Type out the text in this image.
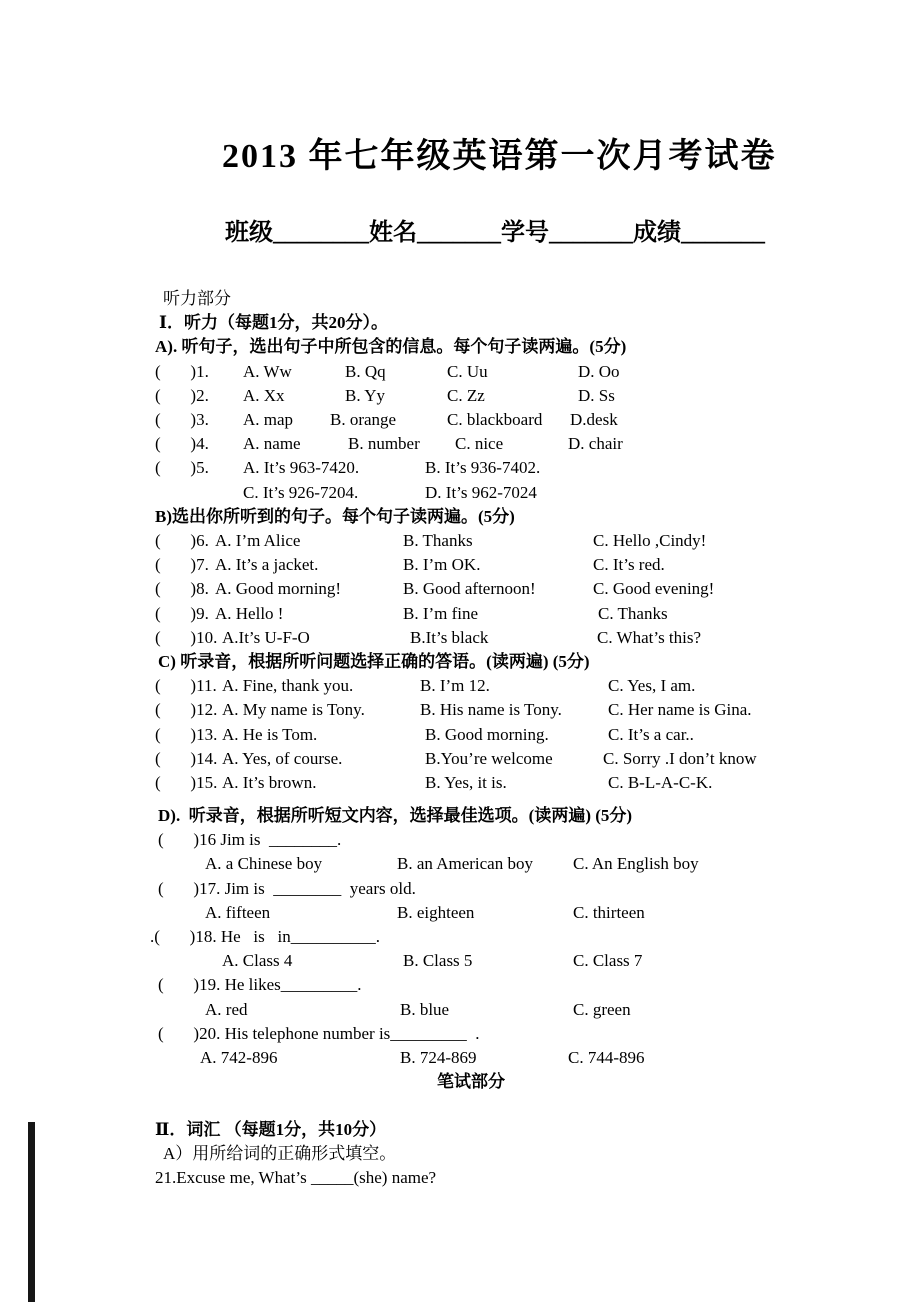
2013 年七年级英语第一次月考试卷
班级________姓名_______学号_______成绩_______
听力部分
Ⅰ．听力（每题1分，共20分）。
A). 听句子，选出句子中所包含的信息。每个句子读两遍。(5分)
(       )1. A. Ww	B. Qq	C. Uu	D. Oo
(       )2. A. Xx	B. Yy	C. Zz	D. Ss
(       )3. A. map B. orange	C. blackboard D.desk
(       )4. A. name	B. number C. nice	D. chair
(       )5. A. It’s 963-7420.	B. It’s 936-7402.
C. It’s 926-7204.	D. It’s 962-7024
B)选出你所听到的句子。每个句子读两遍。(5分)
(       )6. A. I’m Alice	B. Thanks	C. Hello ,Cindy!
(       )7. A. It’s a jacket.	B. I’m OK.	C. It’s red.
(       )8. A. Good morning!	B. Good afternoon!	C. Good evening!
(       )9. A. Hello !	B. I’m fine	C. Thanks
(       )10. A.It’s U-F-O	B.It’s black	C. What’s this?
C) 听录音，根据所听问题选择正确的答语。(读两遍) (5分)
(       )11. A. Fine, thank you.	B. I’m 12.	C. Yes, I am.
(       )12. A. My name is Tony.	B. His name is Tony.	C. Her name is Gina.
(       )13. A. He is Tom.	B. Good morning.	C. It’s a car..
(       )14. A. Yes, of course.	B.You’re welcome	C. Sorry .I don’t know
(       )15. A. It’s brown.	B. Yes, it is.	C. B-L-A-C-K.
D).  听录音，根据所听短文内容，选择最佳选项。(读两遍) (5分)
(       )16 Jim is  ________.
A. a Chinese boy	B. an American boy C. An English boy
(       )17. Jim is  ________  years old.
A. fifteen	B. eighteen	C. thirteen
.(       )18. He   is   in__________.
A. Class 4	B. Class 5	C. Class 7
(       )19. He likes_________.
A. red	B. blue	C. green
(       )20. His telephone number is_________  .
A. 742-896	B. 724-869	C. 744-896
笔试部分
Ⅱ．词汇 （每题1分，共10分）
A）用所给词的正确形式填空。
21.Excuse me, What’s _____(she) name?
